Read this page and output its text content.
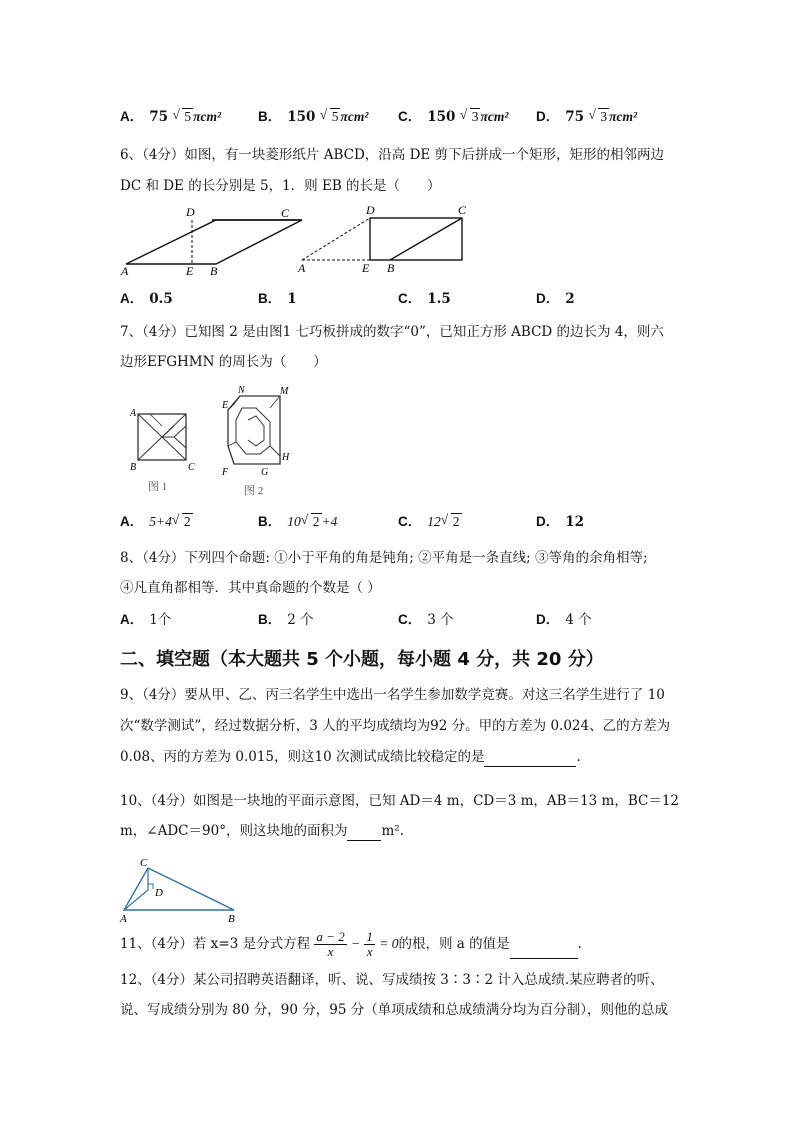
A． 75 √ 5 πcm²	B． 150 √ 5 πcm² C． 150 √ 3 πcm² D． 75 √ 3 πcm²
6、（4分）如图，有一块菱形纸片 ABCD，沿高 DE 剪下后拼成一个矩形，矩形的相邻两边
DC 和 DE 的长分别是 5，1．则 EB 的长是（　　）
D	C
A	E B
D	C
A	E B
A． 0.5	B． 1	C． 1.5	D． 2
7、（4分）已知图 2 是由图1 七巧板拼成的数字“0”，已知正方形 ABCD 的边长为 4，则六
边形EFGHMN 的周长为（　　）
A
B	C
图 1
N	M
E
F	G
H
图 2
A． 5+4 √ 2	B． 10 √ 2 +4	C． 12 √ 2	D． 12
8、（4分）下列四个命题: ①小于平角的角是钝角; ②平角是一条直线; ③等角的余角相等;
④凡直角都相等．其中真命题的个数是（ ）
A． 1个	B． 2 个	C． 3 个	D． 4 个
二、填空题（本大题共 5 个小题，每小题 4 分，共 20 分）
9、（4分）要从甲、乙、丙三名学生中选出一名学生参加数学竞赛。对这三名学生进行了 10
次“数学测试”，经过数据分析，3 人的平均成绩均为92 分。甲的方差为 0.024、乙的方差为
0.08、丙的方差为 0.015，则这10 次测试成绩比较稳定的是	.
10、（4分）如图是一块地的平面示意图，已知 AD＝4 m，CD＝3 m，AB＝13 m，BC＝12
m，∠ADC＝90°，则这块地的面积为	m².
C
D
A	B
11、（4分）若 x=3 是分式方程 $\frac{a - 2}{x} - \frac{1}{x} = 0$的根，则 a 的值是	.
12、（4分）某公司招聘英语翻译，听、说、写成绩按 3∶3∶2 计入总成绩.某应聘者的听、
说、写成绩分别为 80 分，90 分，95 分（单项成绩和总成绩满分均为百分制），则他的总成
